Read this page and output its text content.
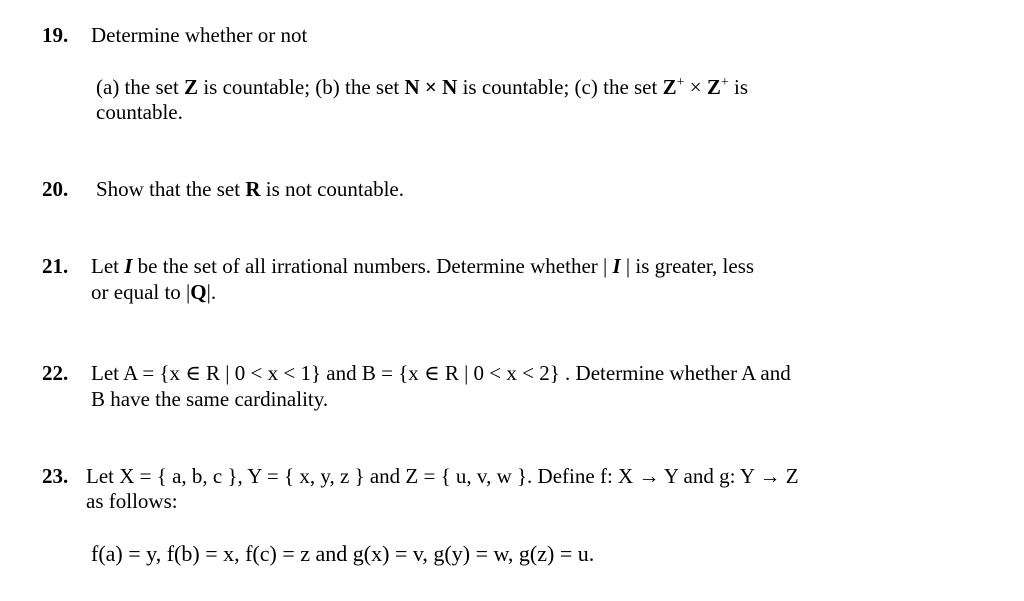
19. Determine whether or not
(a) the set Z is countable; (b) the set N × N is countable; (c) the set Z+ × Z+ is
countable.
20. Show that the set R is not countable.
21. Let I be the set of all irrational numbers. Determine whether | I | is greater, less
or equal to |Q|.
22. Let A = {x ∈ R | 0 < x < 1} and B = {x ∈ R | 0 < x < 2} . Determine whether A and
B have the same cardinality.
23. Let X = { a, b, c }, Y = { x, y, z } and Z = { u, v, w }. Define f: X → Y and g: Y → Z
as follows:
f(a) = y, f(b) = x, f(c) = z and g(x) = v, g(y) = w, g(z) = u.
